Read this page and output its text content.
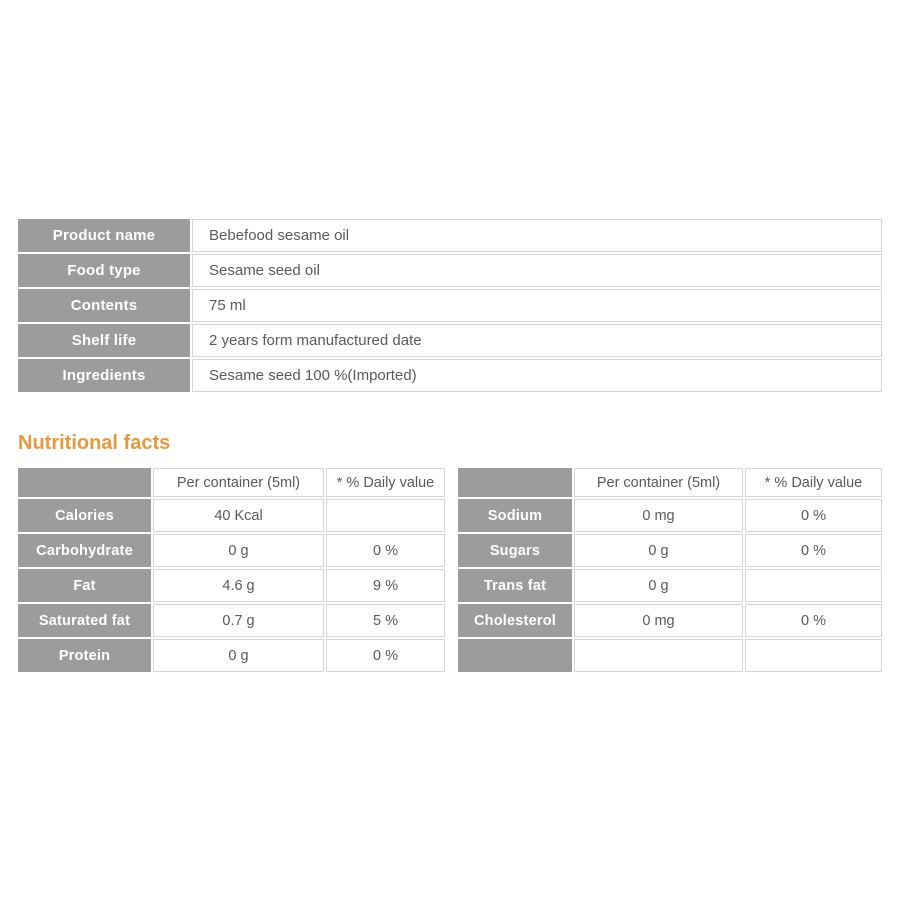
Product name	Bebefood sesame oil
Food type	Sesame seed oil
Contents	75 ml
Shelf life	2 years form manufactured date
Ingredients	Sesame seed 100 %(Imported)
Nutritional facts
	Per container (5ml)	* % Daily value
Calories	40 Kcal	
Carbohydrate	0 g	0 %
Fat	4.6 g	9 %
Saturated fat	0.7 g	5 %
Protein	0 g	0 %
	Per container (5ml)	* % Daily value
Sodium	0 mg	0 %
Sugars	0 g	0 %
Trans fat	0 g	
Cholesterol	0 mg	0 %
